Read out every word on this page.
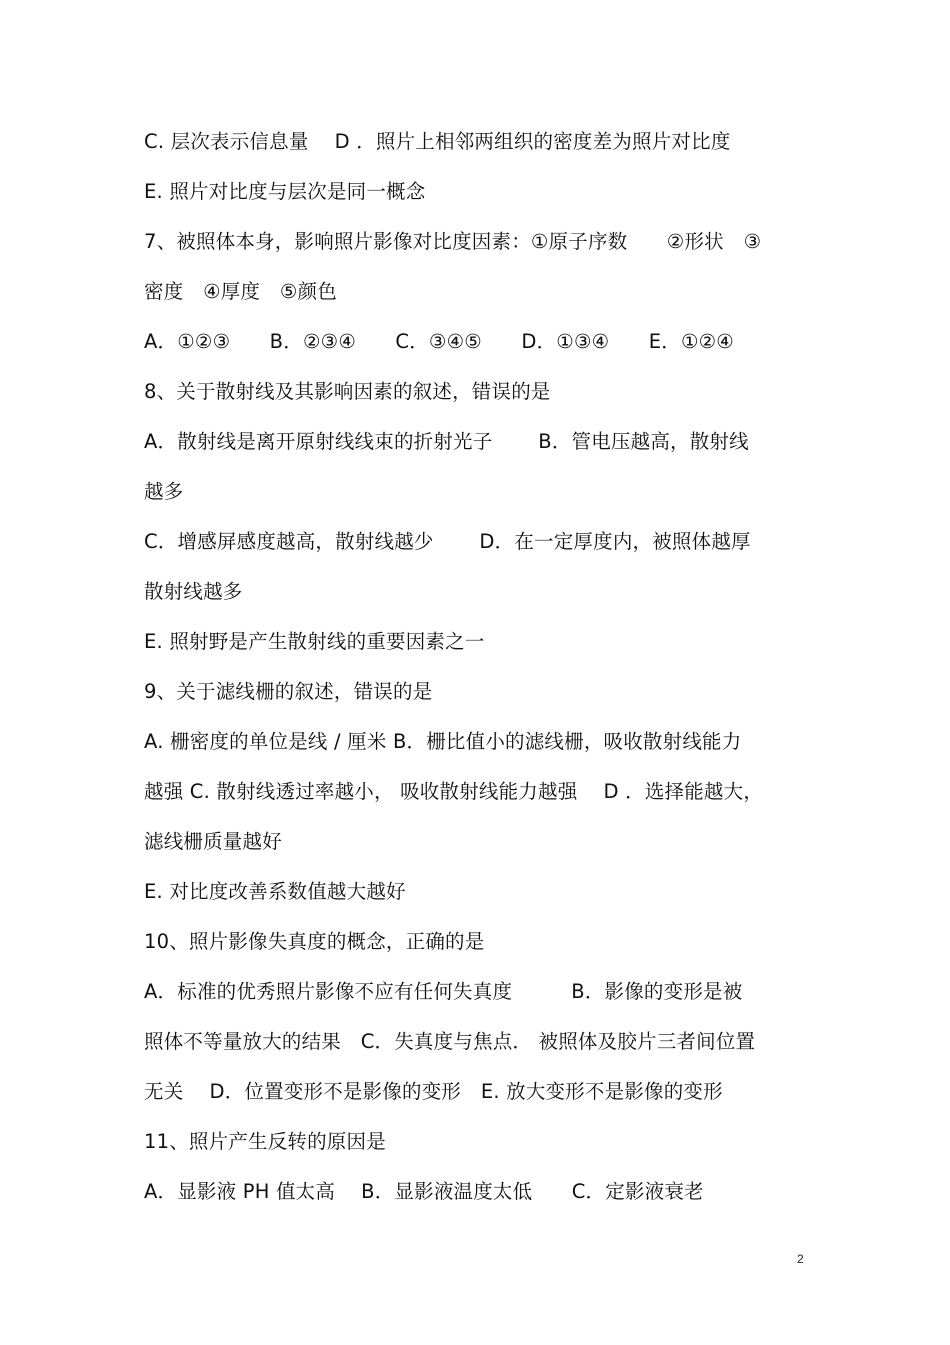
C. 层次表示信息量　 D ．照片上相邻两组织的密度差为照片对比度
E. 照片对比度与层次是同一概念
7、被照体本身，影响照片影像对比度因素：①原子序数　　②形状　③
密度　④厚度　⑤颜色
A．①②③　　B．②③④　　C．③④⑤　　D．①③④　　E．①②④
8、关于散射线及其影响因素的叙述，错误的是
A．散射线是离开原射线线束的折射光子　　 B．管电压越高，散射线
越多
C．增感屏感度越高，散射线越少　　 D．在一定厚度内，被照体越厚
散射线越多
E. 照射野是产生散射线的重要因素之一
9、关于滤线栅的叙述，错误的是
A. 栅密度的单位是线 / 厘米 B．栅比值小的滤线栅，吸收散射线能力
越强 C. 散射线透过率越小， 吸收散射线能力越强　 D ．选择能越大，
滤线栅质量越好
E. 对比度改善系数值越大越好
10、照片影像失真度的概念，正确的是
A．标准的优秀照片影像不应有任何失真度　　　B．影像的变形是被
照体不等量放大的结果　C．失真度与焦点． 被照体及胶片三者间位置
无关　 D．位置变形不是影像的变形　E. 放大变形不是影像的变形
11、照片产生反转的原因是
A．显影液 PH 值太高　 B．显影液温度太低　　C．定影液衰老
2
